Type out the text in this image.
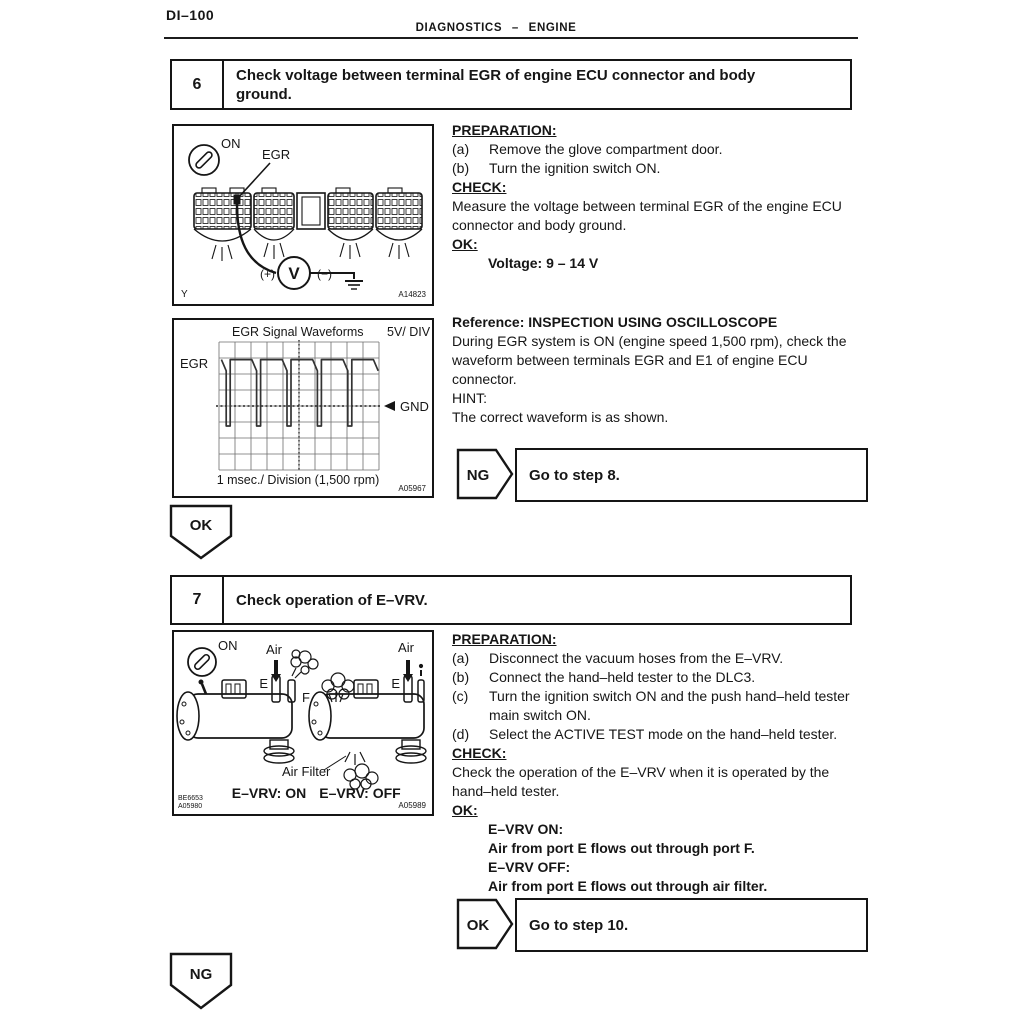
DI–100
DIAGNOSTICS – ENGINE
6	Check voltage between terminal EGR of engine ECU connector and body
ground.
ON
EGR
V
(+)	(−)
Y	A14823
PREPARATION:
(a)	Remove the glove compartment door.
(b)	Turn the ignition switch ON.
CHECK:
Measure the voltage between terminal EGR of the engine ECU connector and body ground.
OK:
Voltage: 9 – 14 V
EGR Signal Waveforms 5V/ DIV
EGR
GND
1 msec./ Division (1,500 rpm)
A05967
Reference: INSPECTION USING OSCILLOSCOPE
During EGR system is ON (engine speed 1,500 rpm), check the waveform between terminals EGR and E1 of engine ECU connector.
HINT:
The correct waveform is as shown.
NG	Go to step 8.
OK
7	Check operation of E–VRV.
ON Air
E
F
E–VRV: ON
Air
E
Air Filter
E–VRV: OFF
BE6653
A05980	A05989
PREPARATION:
(a)	Disconnect the vacuum hoses from the E–VRV.
(b)	Connect the hand–held tester to the DLC3.
(c)	Turn the ignition switch ON and the push hand–held tester main switch ON.
(d)	Select the ACTIVE TEST mode on the hand–held tester.
CHECK:
Check the operation of the E–VRV when it is operated by the hand–held tester.
OK:
E–VRV ON:
Air from port E flows out through port F.
E–VRV OFF:
Air from port E flows out through air filter.
OK	Go to step 10.
NG
